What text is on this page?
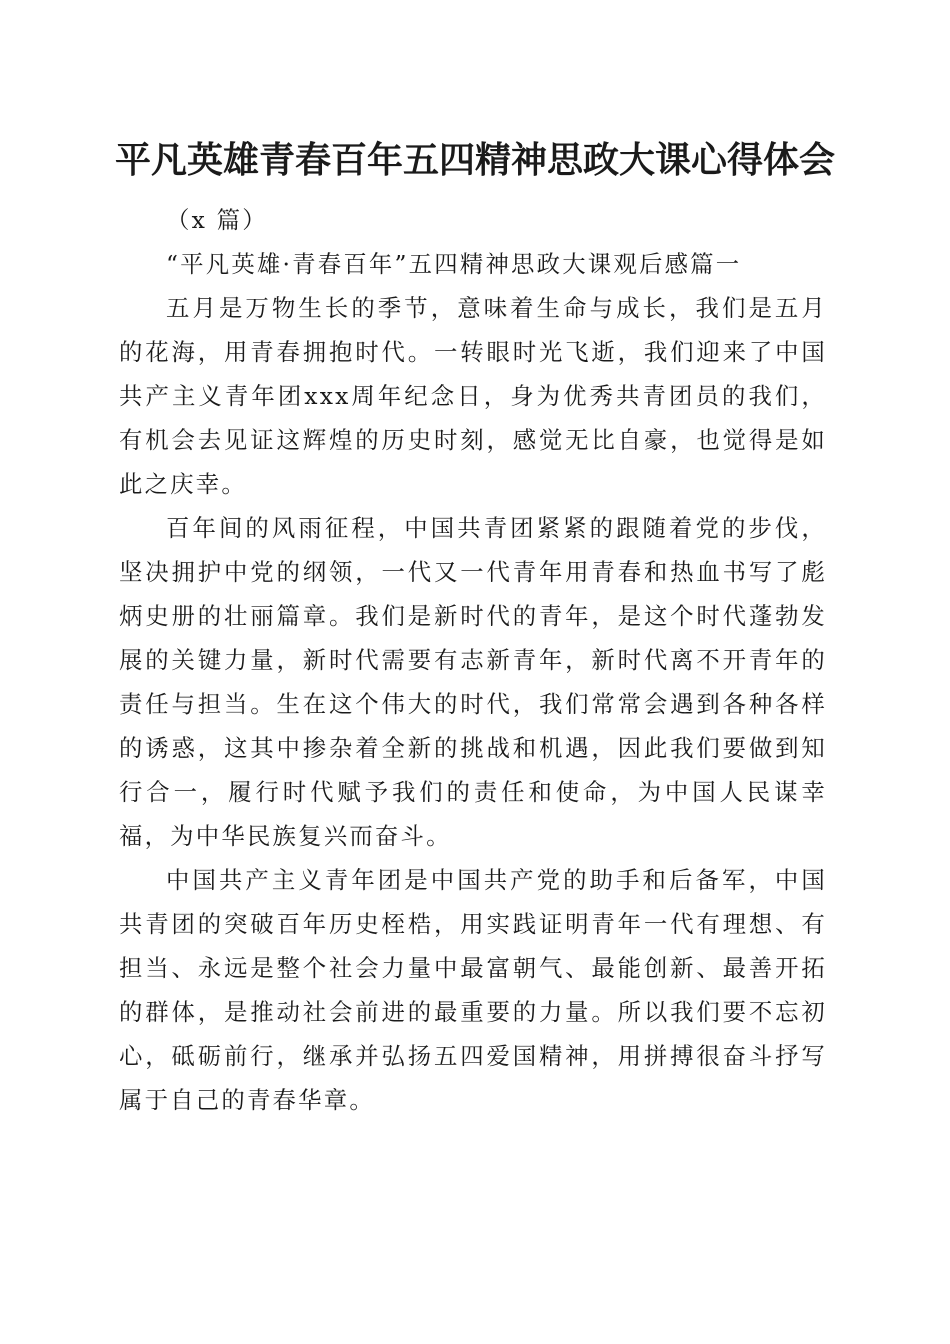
平凡英雄青春百年五四精神思政大课心得体会

（x 篇）

“平凡英雄·青春百年”五四精神思政大课观后感篇一

五月是万物生长的季节，意味着生命与成长，我们是五月的花海，用青春拥抱时代。一转眼时光飞逝，我们迎来了中国共产主义青年团xxx周年纪念日，身为优秀共青团员的我们，有机会去见证这辉煌的历史时刻，感觉无比自豪，也觉得是如此之庆幸。

百年间的风雨征程，中国共青团紧紧的跟随着党的步伐，坚决拥护中党的纲领，一代又一代青年用青春和热血书写了彪炳史册的壮丽篇章。我们是新时代的青年，是这个时代蓬勃发展的关键力量，新时代需要有志新青年，新时代离不开青年的责任与担当。生在这个伟大的时代，我们常常会遇到各种各样的诱惑，这其中掺杂着全新的挑战和机遇，因此我们要做到知行合一，履行时代赋予我们的责任和使命，为中国人民谋幸福，为中华民族复兴而奋斗。

中国共产主义青年团是中国共产党的助手和后备军，中国共青团的突破百年历史桎梏，用实践证明青年一代有理想、有担当、永远是整个社会力量中最富朝气、最能创新、最善开拓的群体，是推动社会前进的最重要的力量。所以我们要不忘初心，砥砺前行，继承并弘扬五四爱国精神，用拼搏很奋斗抒写属于自己的青春华章。
